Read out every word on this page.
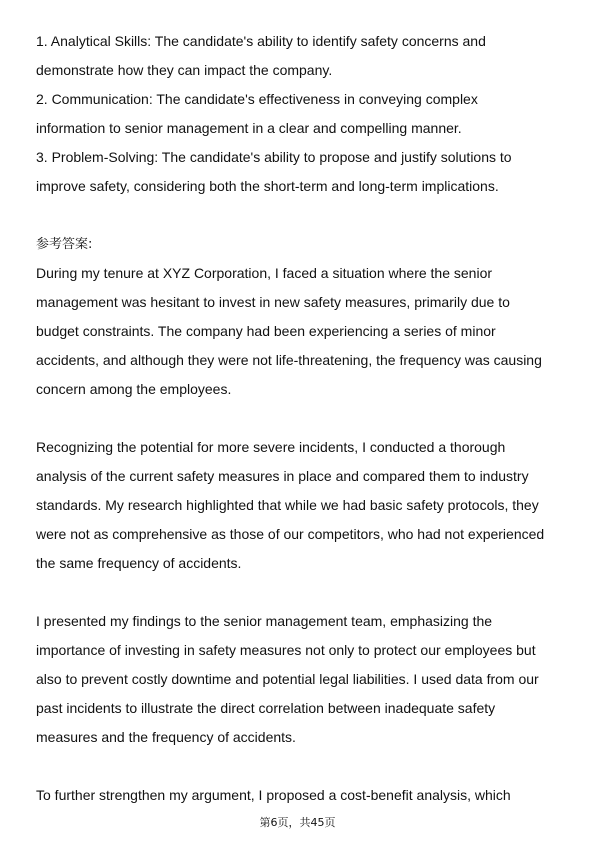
1. Analytical Skills: The candidate's ability to identify safety concerns and
demonstrate how they can impact the company.
2. Communication: The candidate's effectiveness in conveying complex
information to senior management in a clear and compelling manner.
3. Problem-Solving: The candidate's ability to propose and justify solutions to
improve safety, considering both the short-term and long-term implications.
参考答案:
During my tenure at XYZ Corporation, I faced a situation where the senior
management was hesitant to invest in new safety measures, primarily due to
budget constraints. The company had been experiencing a series of minor
accidents, and although they were not life-threatening, the frequency was causing
concern among the employees.
Recognizing the potential for more severe incidents, I conducted a thorough
analysis of the current safety measures in place and compared them to industry
standards. My research highlighted that while we had basic safety protocols, they
were not as comprehensive as those of our competitors, who had not experienced
the same frequency of accidents.
I presented my findings to the senior management team, emphasizing the
importance of investing in safety measures not only to protect our employees but
also to prevent costly downtime and potential legal liabilities. I used data from our
past incidents to illustrate the direct correlation between inadequate safety
measures and the frequency of accidents.
To further strengthen my argument, I proposed a cost-benefit analysis, which
第6页，共45页
